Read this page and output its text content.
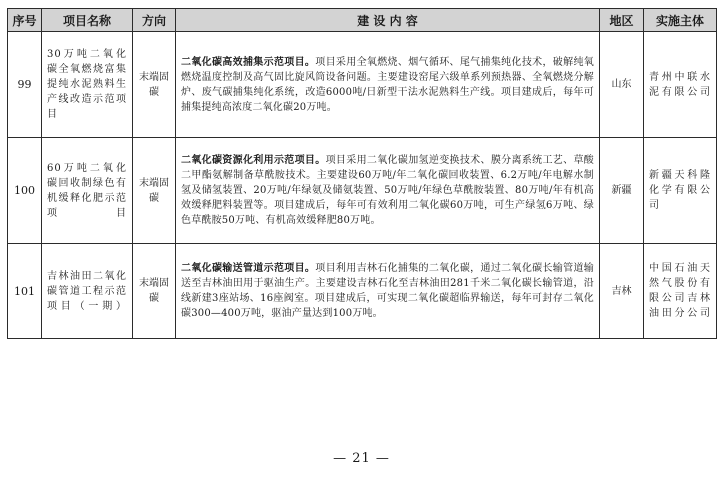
序号	项目名称	方向	建 设 内 容	地区	实施主体
99	30万吨二氧化碳全氧燃烧富集提纯水泥熟料生产线改造示范项目	末端固碳	二氧化碳高效捕集示范项目。项目采用全氧燃烧、烟气循环、尾气捕集纯化技术，破解纯氧燃烧温度控制及高气固比旋风筒设备问题。主要建设窑尾六级单系列预热器、全氧燃烧分解炉、废气碳捕集纯化系统，改造6000吨/日新型干法水泥熟料生产线。项目建成后，每年可捕集提纯高浓度二氧化碳20万吨。	山东	青州中联水泥有限公司
100	60万吨二氧化碳回收制绿色有机缓释化肥示范项目	末端固碳	二氧化碳资源化利用示范项目。项目采用二氧化碳加氢逆变换技术、膜分离系统工艺、草酸二甲酯氨解制备草酰胺技术。主要建设60万吨/年二氧化碳回收装置、6.2万吨/年电解水制氢及储氢装置、20万吨/年绿氨及储氨装置、50万吨/年绿色草酰胺装置、80万吨/年有机高效缓释肥料装置等。项目建成后，每年可有效利用二氧化碳60万吨，可生产绿氢6万吨、绿色草酰胺50万吨、有机高效缓释肥80万吨。	新疆	新疆天科隆化学有限公司
101	吉林油田二氧化碳管道工程示范项目（一期）	末端固碳	二氧化碳输送管道示范项目。项目利用吉林石化捕集的二氧化碳，通过二氧化碳长输管道输送至吉林油田用于驱油生产。主要建设吉林石化至吉林油田281千米二氧化碳长输管道，沿线新建3座站场、16座阀室。项目建成后，可实现二氧化碳超临界输送，每年可封存二氧化碳300—400万吨，驱油产量达到100万吨。	吉林	中国石油天然气股份有限公司吉林油田分公司
— 21 —
